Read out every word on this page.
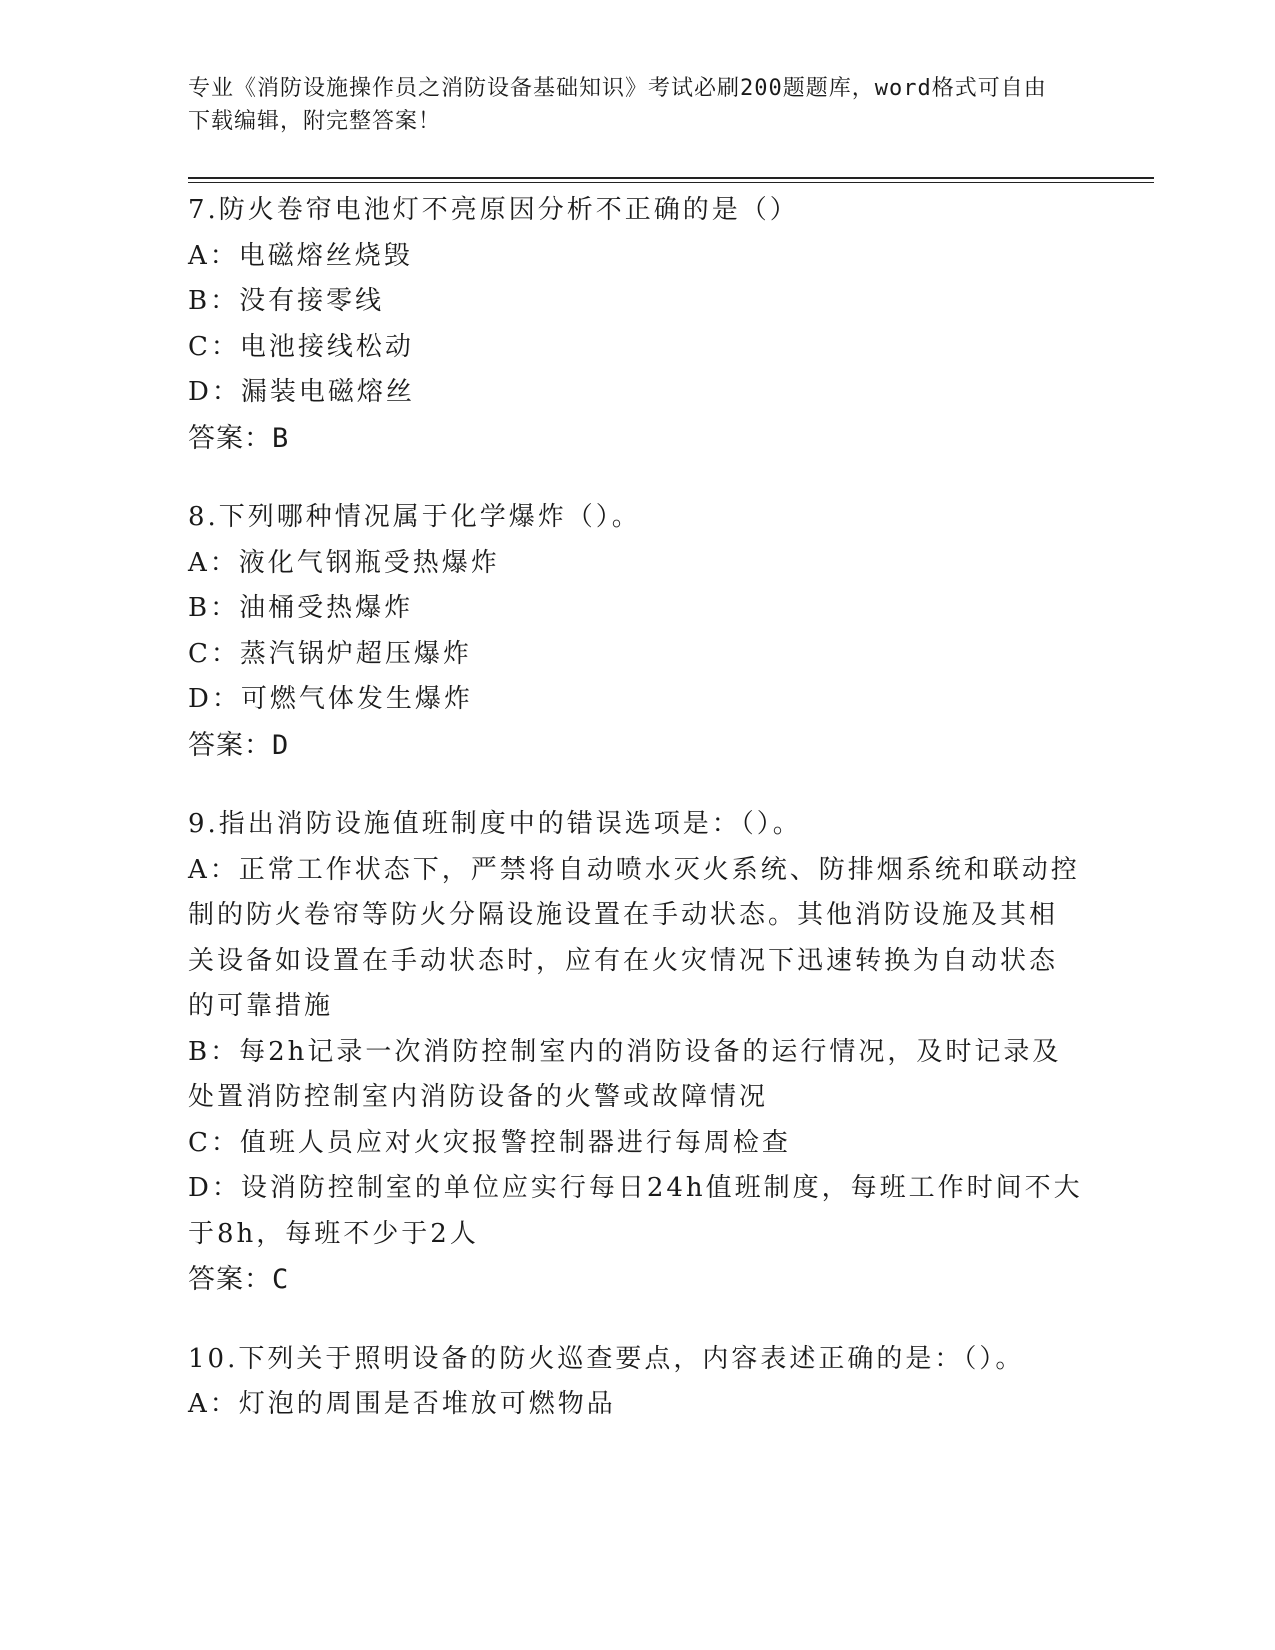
专业《消防设施操作员之消防设备基础知识》考试必刷200题题库，word格式可自由下载编辑，附完整答案！
7.防火卷帘电池灯不亮原因分析不正确的是（）
A：电磁熔丝烧毁
B：没有接零线
C：电池接线松动
D：漏装电磁熔丝
答案：B
8.下列哪种情况属于化学爆炸（）。
A：液化气钢瓶受热爆炸
B：油桶受热爆炸
C：蒸汽锅炉超压爆炸
D：可燃气体发生爆炸
答案：D
9.指出消防设施值班制度中的错误选项是：（）。
A：正常工作状态下，严禁将自动喷水灭火系统、防排烟系统和联动控制的防火卷帘等防火分隔设施设置在手动状态。其他消防设施及其相关设备如设置在手动状态时，应有在火灾情况下迅速转换为自动状态的可靠措施
B：每2h记录一次消防控制室内的消防设备的运行情况，及时记录及处置消防控制室内消防设备的火警或故障情况
C：值班人员应对火灾报警控制器进行每周检查
D：设消防控制室的单位应实行每日24h值班制度，每班工作时间不大于8h，每班不少于2人
答案：C
10.下列关于照明设备的防火巡查要点，内容表述正确的是：（）。
A：灯泡的周围是否堆放可燃物品
